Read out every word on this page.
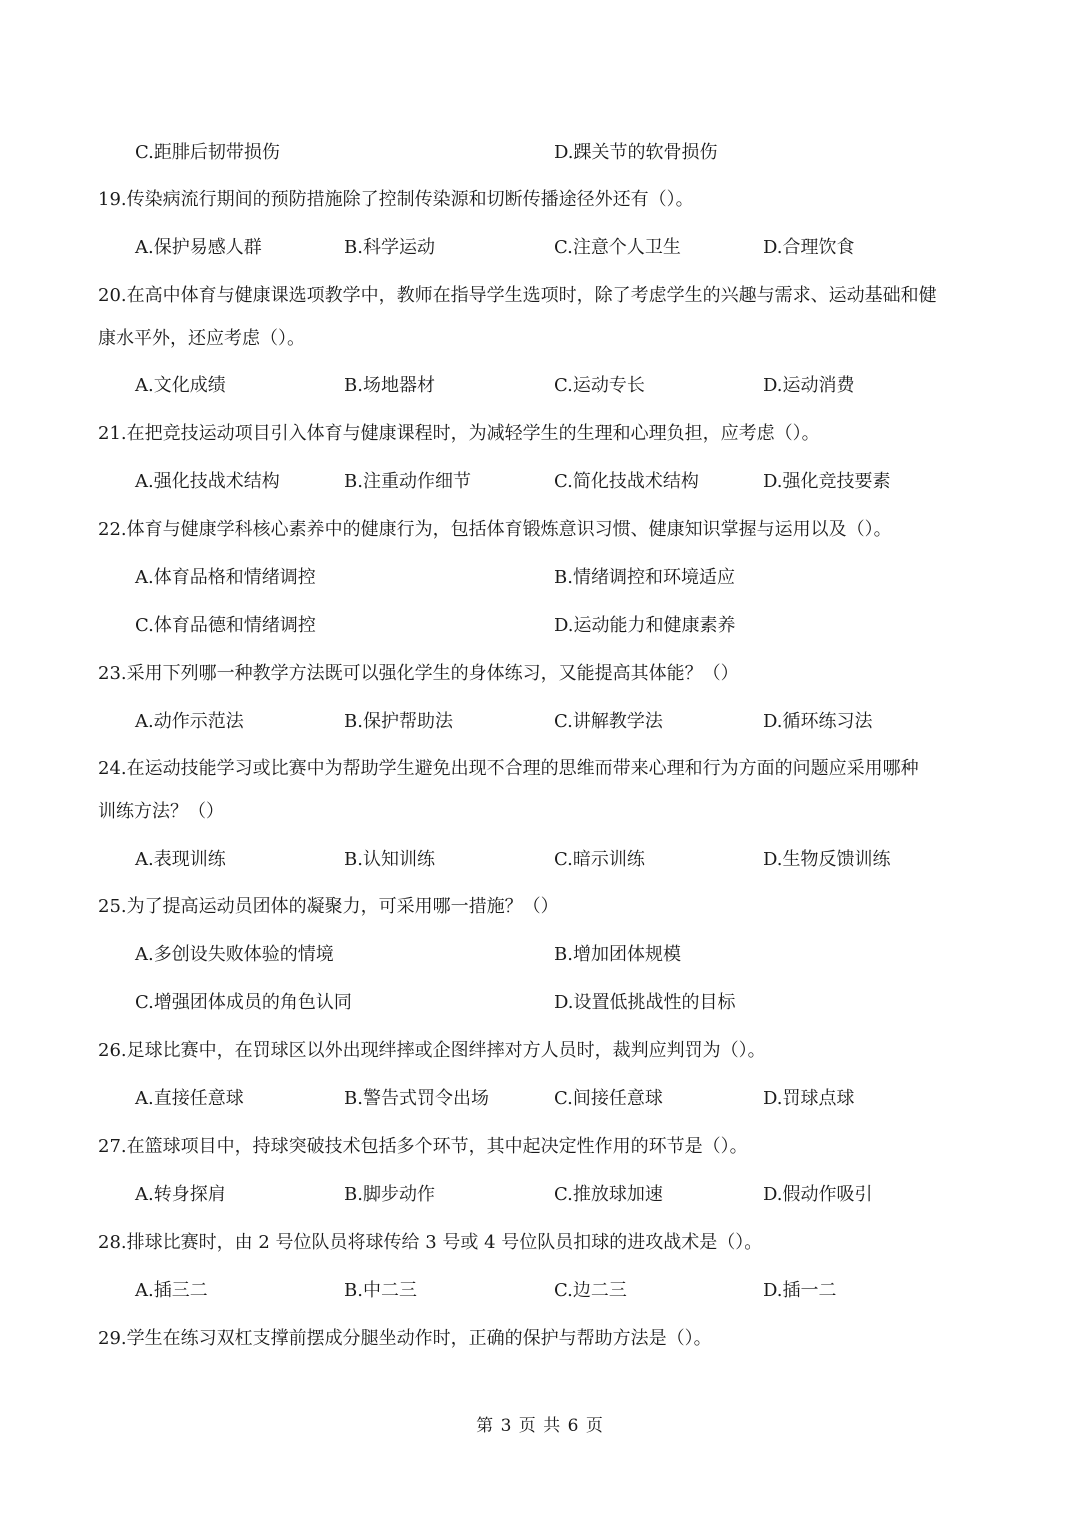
C.距腓后韧带损伤	D.踝关节的软骨损伤
19.传染病流行期间的预防措施除了控制传染源和切断传播途径外还有（）。
A.保护易感人群	B.科学运动	C.注意个人卫生	D.合理饮食
20.在高中体育与健康课选项教学中，教师在指导学生选项时，除了考虑学生的兴趣与需求、运动基础和健
康水平外，还应考虑（）。
A.文化成绩	B.场地器材	C.运动专长	D.运动消费
21.在把竞技运动项目引入体育与健康课程时，为减轻学生的生理和心理负担，应考虑（）。
A.强化技战术结构	B.注重动作细节	C.简化技战术结构	D.强化竞技要素
22.体育与健康学科核心素养中的健康行为，包括体育锻炼意识习惯、健康知识掌握与运用以及（）。
A.体育品格和情绪调控	B.情绪调控和环境适应
C.体育品德和情绪调控	D.运动能力和健康素养
23.采用下列哪一种教学方法既可以强化学生的身体练习，又能提高其体能？（）
A.动作示范法	B.保护帮助法	C.讲解教学法	D.循环练习法
24.在运动技能学习或比赛中为帮助学生避免出现不合理的思维而带来心理和行为方面的问题应采用哪种
训练方法？（）
A.表现训练	B.认知训练	C.暗示训练	D.生物反馈训练
25.为了提高运动员团体的凝聚力，可采用哪一措施？（）
A.多创设失败体验的情境	B.增加团体规模
C.增强团体成员的角色认同	D.设置低挑战性的目标
26.足球比赛中，在罚球区以外出现绊摔或企图绊摔对方人员时，裁判应判罚为（）。
A.直接任意球	B.警告式罚令出场	C.间接任意球	D.罚球点球
27.在篮球项目中，持球突破技术包括多个环节，其中起决定性作用的环节是（）。
A.转身探肩	B.脚步动作	C.推放球加速	D.假动作吸引
28.排球比赛时，由 2 号位队员将球传给 3 号或 4 号位队员扣球的进攻战术是（）。
A.插三二	B.中二三	C.边二三	D.插一二
29.学生在练习双杠支撑前摆成分腿坐动作时，正确的保护与帮助方法是（）。
第 3 页 共 6 页
